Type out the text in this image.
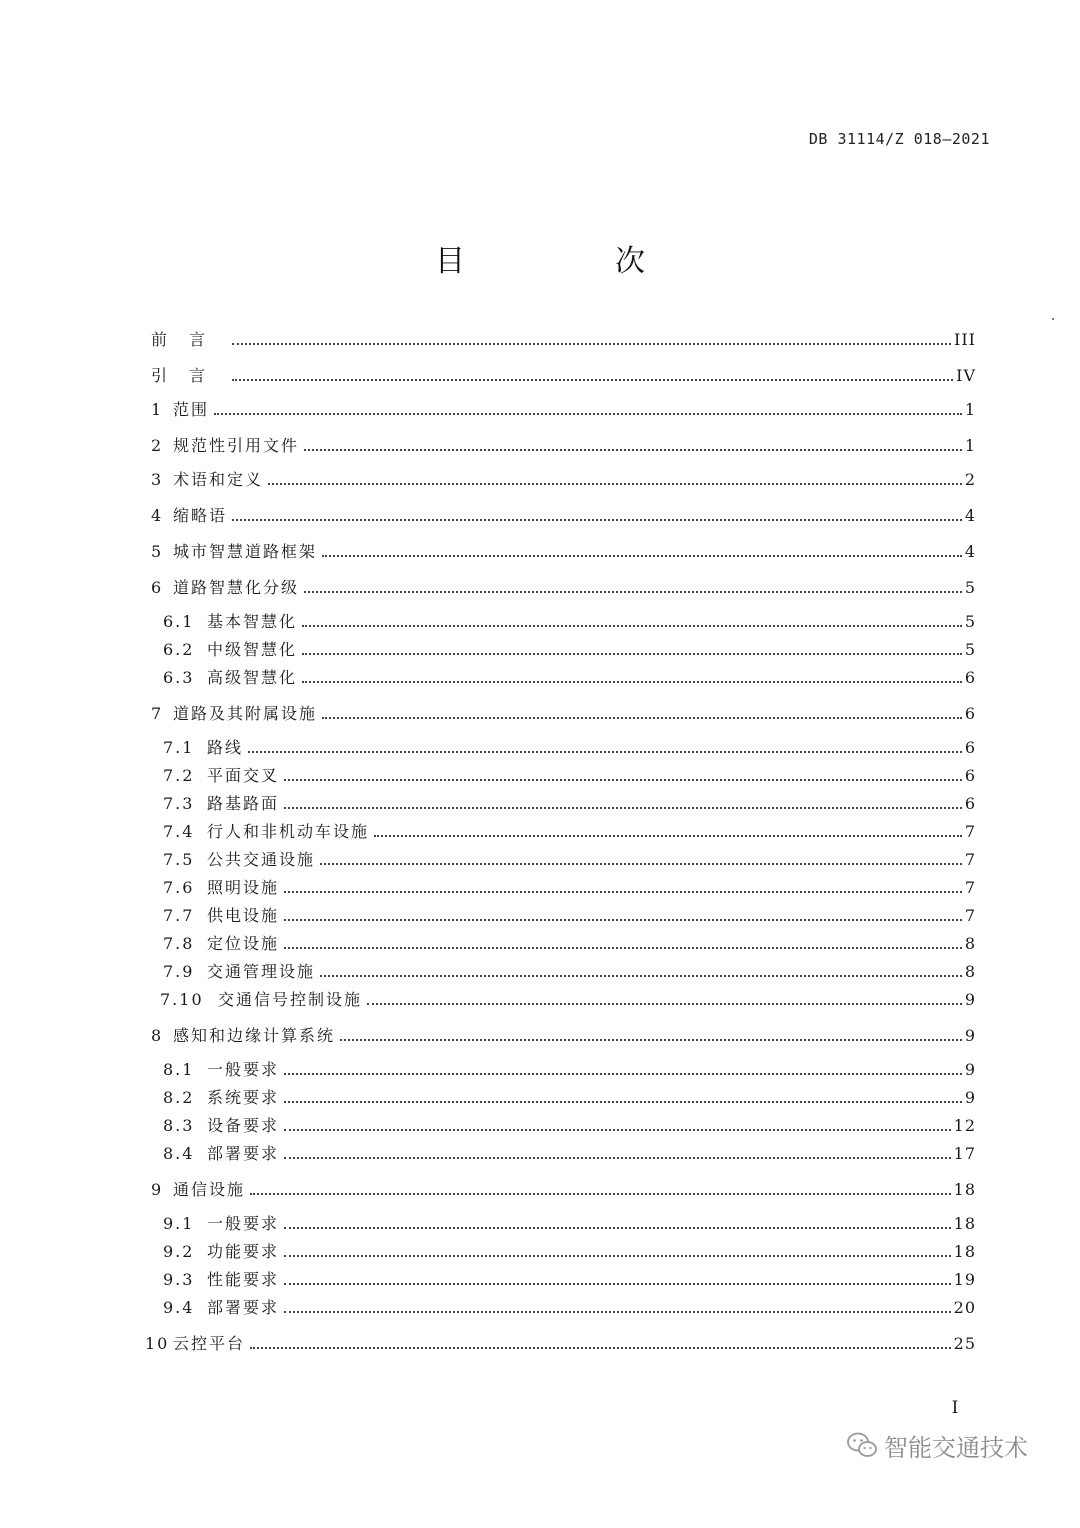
DB 31114/Z 018—2021
目　次
前言	III
引言	IV
1 范围	1
2 规范性引用文件	1
3 术语和定义	2
4 缩略语	4
5 城市智慧道路框架	4
6 道路智慧化分级	5
6.1 基本智慧化	5
6.2 中级智慧化	5
6.3 高级智慧化	6
7 道路及其附属设施	6
7.1 路线	6
7.2 平面交叉	6
7.3 路基路面	6
7.4 行人和非机动车设施	7
7.5 公共交通设施	7
7.6 照明设施	7
7.7 供电设施	7
7.8 定位设施	8
7.9 交通管理设施	8
7.10 交通信号控制设施	9
8 感知和边缘计算系统	9
8.1 一般要求	9
8.2 系统要求	9
8.3 设备要求	12
8.4 部署要求	17
9 通信设施	18
9.1 一般要求	18
9.2 功能要求	18
9.3 性能要求	19
9.4 部署要求	20
10 云控平台	25
I
智能交通技术
